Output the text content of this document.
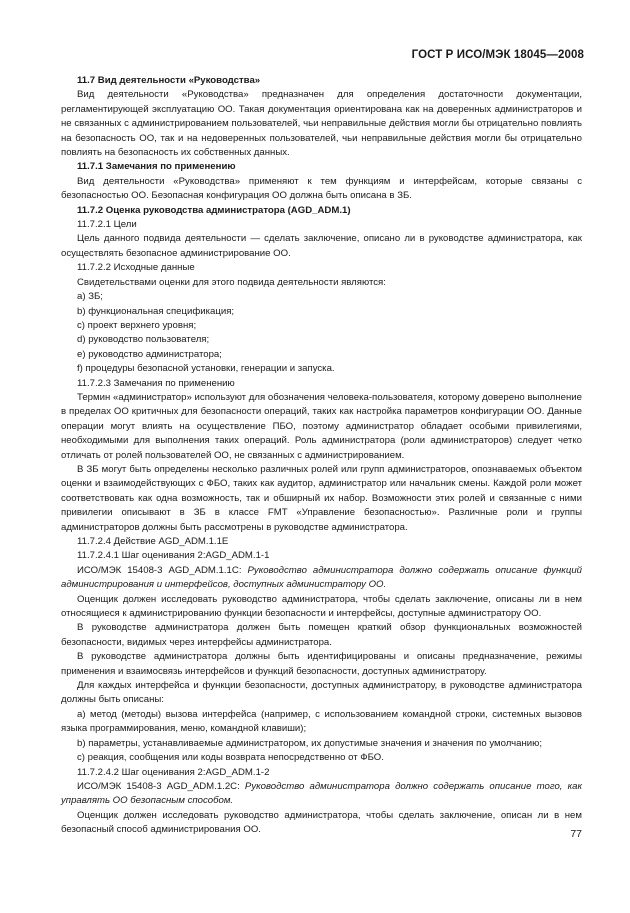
ГОСТ Р ИСО/МЭК 18045—2008

11.7 Вид деятельности «Руководства»

Вид деятельности «Руководства» предназначен для определения достаточности документации, регламентирующей эксплуатацию ОО. Такая документация ориентирована как на доверенных администраторов и не связанных с администрированием пользователей, чьи неправильные действия могли бы отрицательно повлиять на безопасность ОО, так и на недоверенных пользователей, чьи неправильные действия могли бы отрицательно повлиять на безопасность их собственных данных.

11.7.1 Замечания по применению

Вид деятельности «Руководства» применяют к тем функциям и интерфейсам, которые связаны с безопасностью ОО. Безопасная конфигурация ОО должна быть описана в ЗБ.

11.7.2 Оценка руководства администратора (AGD_ADM.1)

11.7.2.1 Цели

Цель данного подвида деятельности — сделать заключение, описано ли в руководстве администратора, как осуществлять безопасное администрирование ОО.

11.7.2.2 Исходные данные

Свидетельствами оценки для этого подвида деятельности являются:

a) ЗБ;

b) функциональная спецификация;

c) проект верхнего уровня;

d) руководство пользователя;

e) руководство администратора;

f) процедуры безопасной установки, генерации и запуска.

11.7.2.3 Замечания по применению

Термин «администратор» используют для обозначения человека-пользователя, которому доверено выполнение в пределах ОО критичных для безопасности операций, таких как настройка параметров конфигурации ОО. Данные операции могут влиять на осуществление ПБО, поэтому администратор обладает особыми привилегиями, необходимыми для выполнения таких операций. Роль администратора (роли администраторов) следует четко отличать от ролей пользователей ОО, не связанных с администрированием.

В ЗБ могут быть определены несколько различных ролей или групп администраторов, опознаваемых объектом оценки и взаимодействующих с ФБО, таких как аудитор, администратор или начальник смены. Каждой роли может соответствовать как одна возможность, так и обширный их набор. Возможности этих ролей и связанные с ними привилегии описывают в ЗБ в классе FMT «Управление безопасностью». Различные роли и группы администраторов должны быть рассмотрены в руководстве администратора.

11.7.2.4 Действие AGD_ADM.1.1E

11.7.2.4.1 Шаг оценивания 2:AGD_ADM.1-1

ИСО/МЭК 15408-3 AGD_ADM.1.1C: Руководство администратора должно содержать описание функций администрирования и интерфейсов, доступных администратору ОО.

Оценщик должен исследовать руководство администратора, чтобы сделать заключение, описаны ли в нем относящиеся к администрированию функции безопасности и интерфейсы, доступные администратору ОО.

В руководстве администратора должен быть помещен краткий обзор функциональных возможностей безопасности, видимых через интерфейсы администратора.

В руководстве администратора должны быть идентифицированы и описаны предназначение, режимы применения и взаимосвязь интерфейсов и функций безопасности, доступных администратору.

Для каждых интерфейса и функции безопасности, доступных администратору, в руководстве администратора должны быть описаны:

a) метод (методы) вызова интерфейса (например, с использованием командной строки, системных вызовов языка программирования, меню, командной клавиши);

b) параметры, устанавливаемые администратором, их допустимые значения и значения по умолчанию;

c) реакция, сообщения или коды возврата непосредственно от ФБО.

11.7.2.4.2 Шаг оценивания 2:AGD_ADM.1-2

ИСО/МЭК 15408-3 AGD_ADM.1.2C: Руководство администратора должно содержать описание того, как управлять ОО безопасным способом.

Оценщик должен исследовать руководство администратора, чтобы сделать заключение, описан ли в нем безопасный способ администрирования ОО.	77
